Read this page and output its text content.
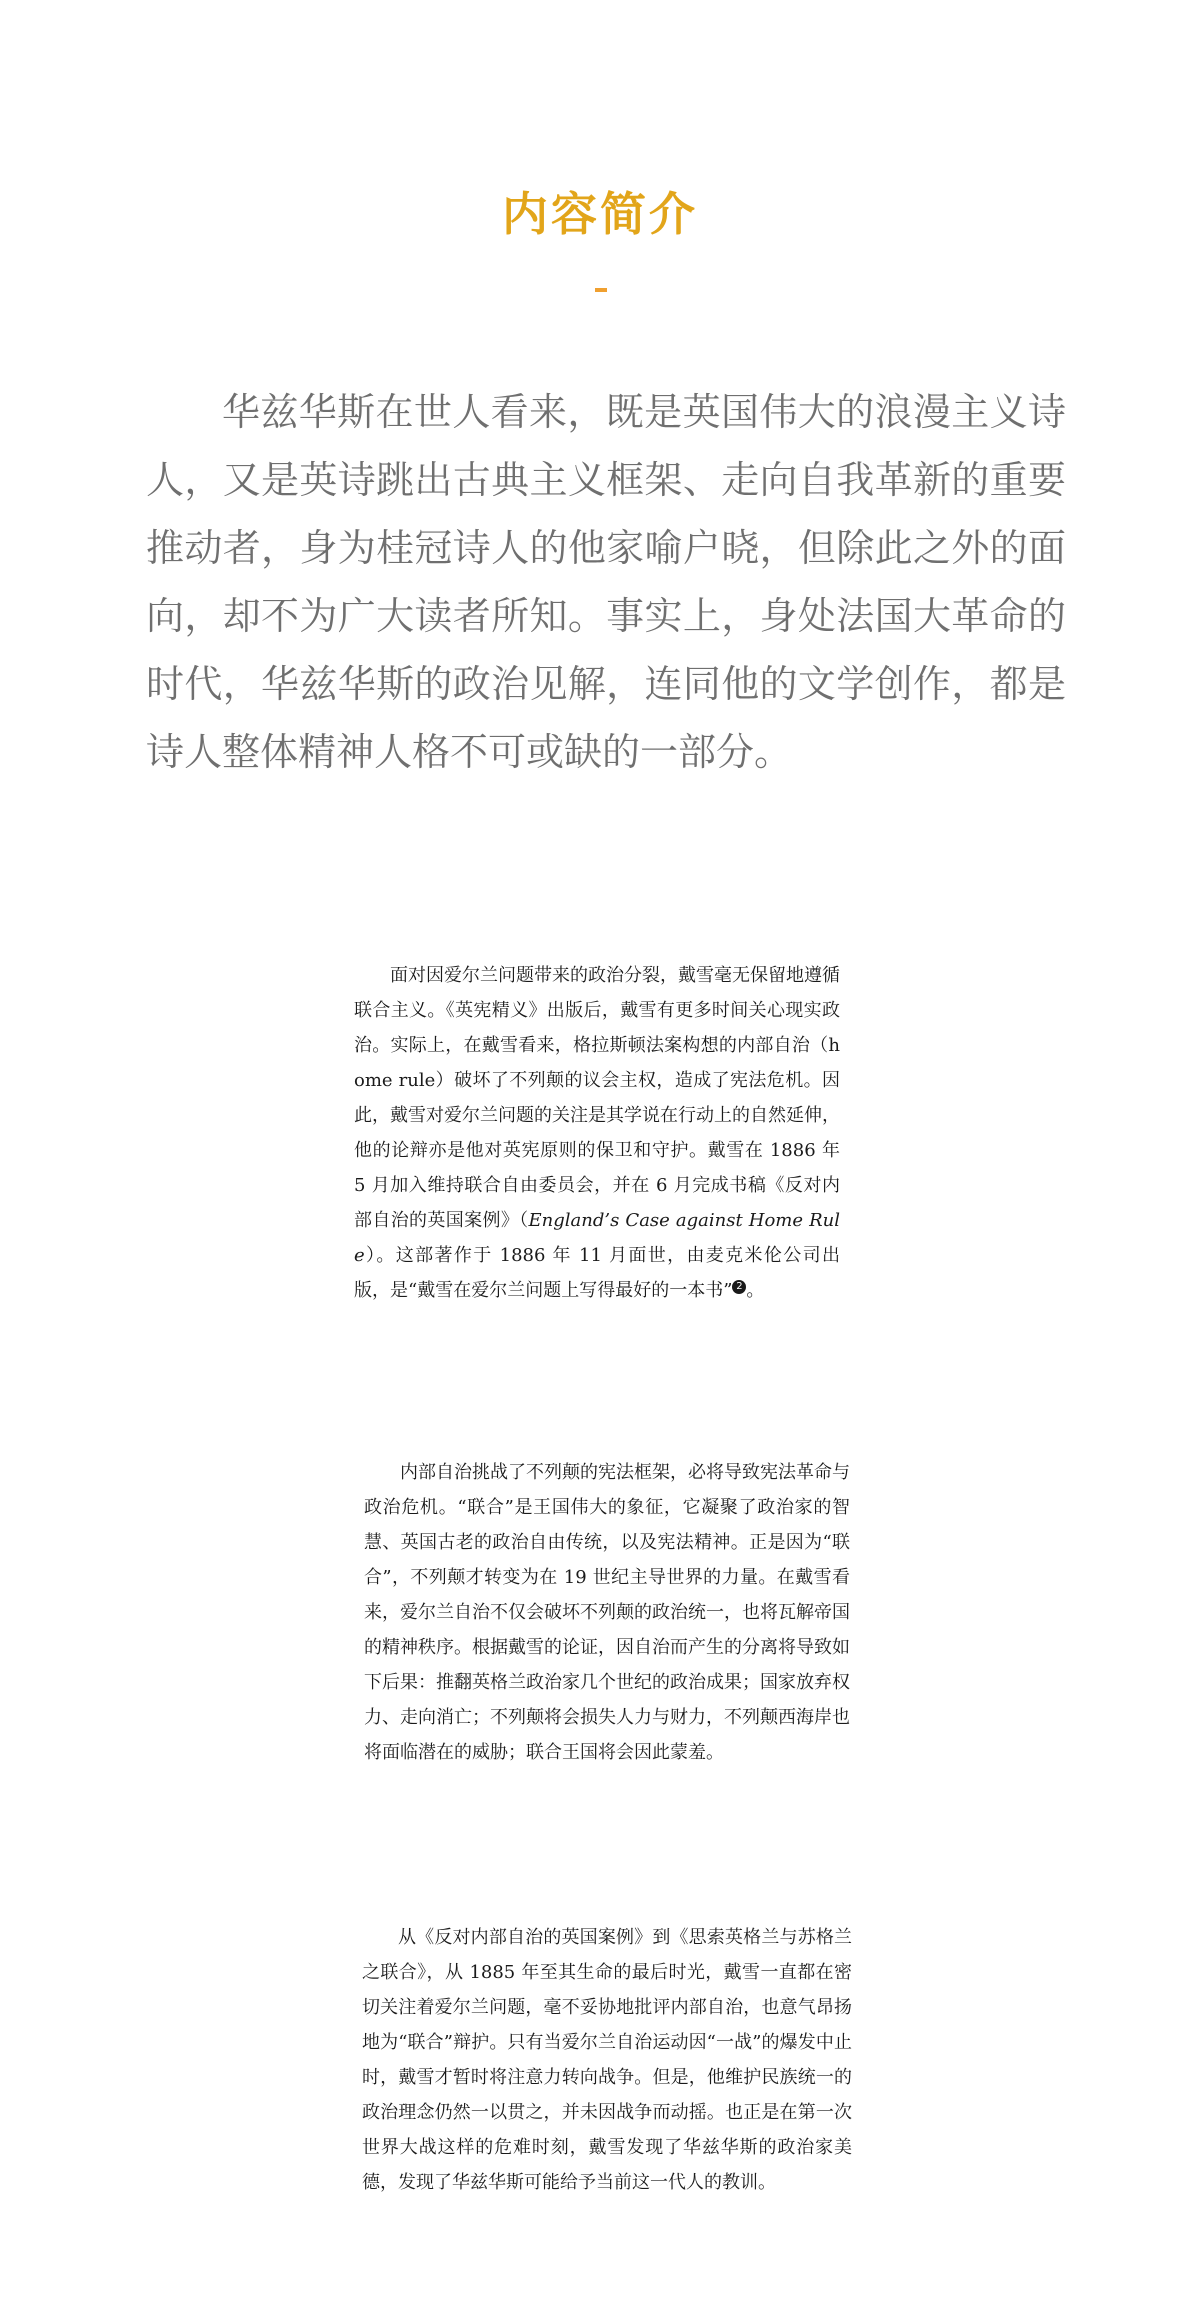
内容简介

华兹华斯在世人看来，既是英国伟大的浪漫主义诗人，又是英诗跳出古典主义框架、走向自我革新的重要推动者，身为桂冠诗人的他家喻户晓，但除此之外的面向，却不为广大读者所知。事实上，身处法国大革命的时代，华兹华斯的政治见解，连同他的文学创作，都是诗人整体精神人格不可或缺的一部分。

面对因爱尔兰问题带来的政治分裂，戴雪毫无保留地遵循联合主义。《英宪精义》出版后，戴雪有更多时间关心现实政治。实际上，在戴雪看来，格拉斯顿法案构想的内部自治（home rule）破坏了不列颠的议会主权，造成了宪法危机。因此，戴雪对爱尔兰问题的关注是其学说在行动上的自然延伸，他的论辩亦是他对英宪原则的保卫和守护。戴雪在 1886 年 5 月加入维持联合自由委员会，并在 6 月完成书稿《反对内部自治的英国案例》（England’s Case against Home Rule）。这部著作于 1886 年 11 月面世，由麦克米伦公司出版，是“戴雪在爱尔兰问题上写得最好的一本书” 2 。

内部自治挑战了不列颠的宪法框架，必将导致宪法革命与政治危机。“联合”是王国伟大的象征，它凝聚了政治家的智慧、英国古老的政治自由传统，以及宪法精神。正是因为“联合”，不列颠才转变为在 19 世纪主导世界的力量。在戴雪看来，爱尔兰自治不仅会破坏不列颠的政治统一，也将瓦解帝国的精神秩序。根据戴雪的论证，因自治而产生的分离将导致如下后果：推翻英格兰政治家几个世纪的政治成果；国家放弃权力、走向消亡；不列颠将会损失人力与财力，不列颠西海岸也将面临潜在的威胁；联合王国将会因此蒙羞。

从《反对内部自治的英国案例》到《思索英格兰与苏格兰之联合》，从 1885 年至其生命的最后时光，戴雪一直都在密切关注着爱尔兰问题，毫不妥协地批评内部自治，也意气昂扬地为“联合”辩护。只有当爱尔兰自治运动因“一战”的爆发中止时，戴雪才暂时将注意力转向战争。但是，他维护民族统一的政治理念仍然一以贯之，并未因战争而动摇。也正是在第一次世界大战这样的危难时刻，戴雪发现了华兹华斯的政治家美德，发现了华兹华斯可能给予当前这一代人的教训。
